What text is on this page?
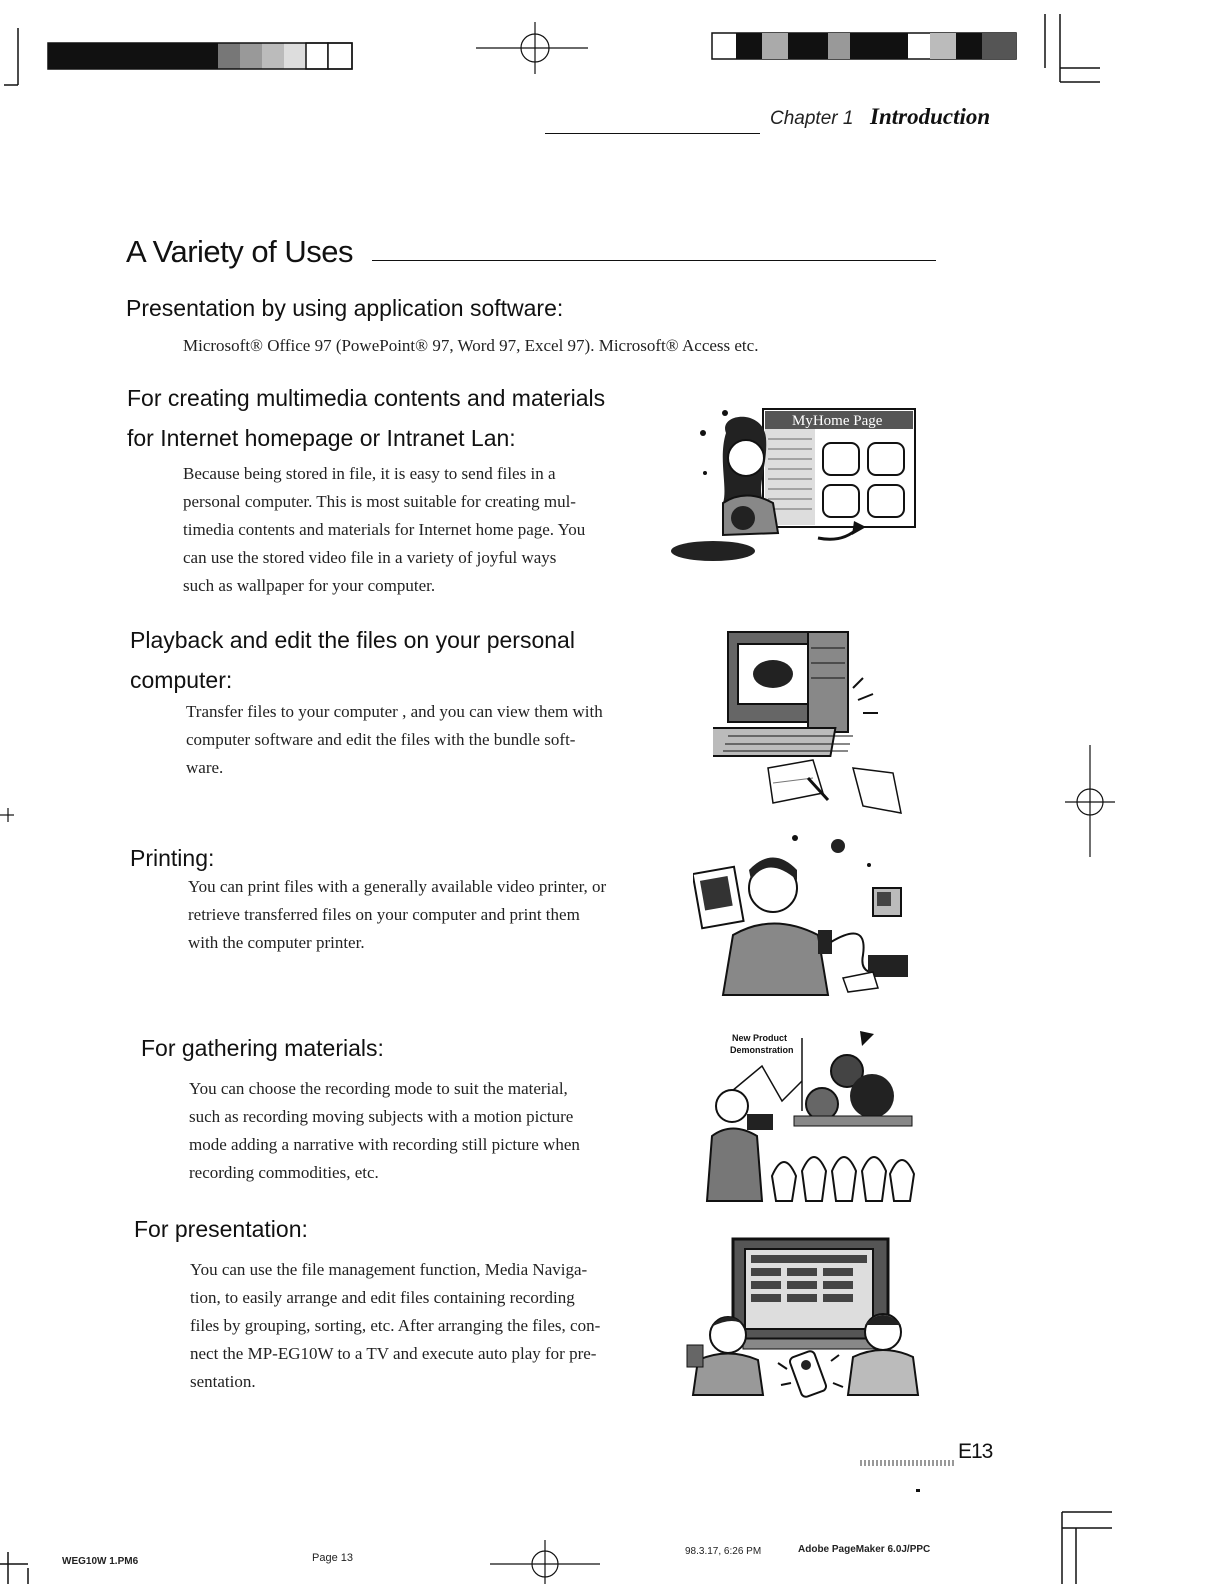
Chapter 1 Introduction
A Variety of Uses
Presentation by using application software:
Microsoft® Office 97 (PowePoint® 97, Word 97, Excel 97). Microsoft® Access etc.
For creating multimedia contents and materials
for Internet homepage or Intranet Lan:

Because being stored in file, it is easy to send files in a

personal computer. This is most suitable for creating mul-

timedia contents and materials for Internet home page. You

can use the stored video file in a variety of joyful ways

such as wallpaper for your computer.

MyHome Page
Playback and edit the files on your personal
computer:

Transfer files to your computer , and you can view them with

computer software and edit the files with the bundle soft-

ware.

Printing:

You can print files with a generally available video printer, or

retrieve transferred files on your computer and print them

with the computer printer.

For gathering materials:

You can choose the recording mode to suit the material,

such as recording moving subjects with a motion picture

mode adding a narrative with recording still picture when

recording commodities, etc.

New Product
Demonstration
For presentation:

You can use the file management function, Media Naviga-

tion, to easily arrange and edit files containing recording

files by grouping, sorting, etc. After arranging the files, con-

nect the MP-EG10W to a TV and execute auto play for pre-

sentation.

E13
WEG10W 1.PM6	Page 13
98.3.17, 6:26 PM	Adobe PageMaker 6.0J/PPC
